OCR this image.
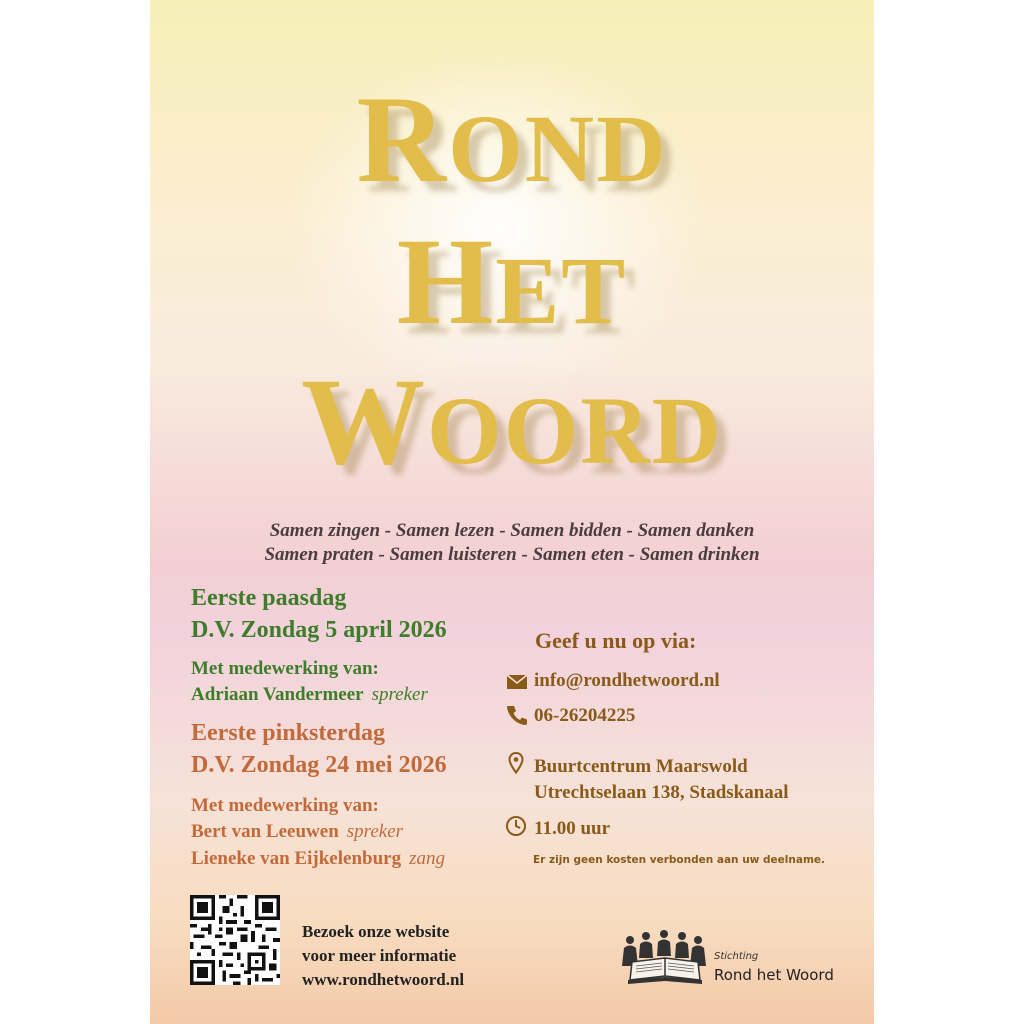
ROND
HET
WOORD
Samen zingen - Samen lezen - Samen bidden - Samen danken
Samen praten - Samen luisteren - Samen eten - Samen drinken
Eerste paasdag
D.V. Zondag 5 april 2026
Met medewerking van:
Adriaan Vandermeer spreker
Eerste pinksterdag
D.V. Zondag 24 mei 2026
Met medewerking van:
Bert van Leeuwen spreker
Lieneke van Eijkelenburg zang
Geef u nu op via:
info@rondhetwoord.nl
06-26204225
Buurtcentrum Maarswold
Utrechtselaan 138, Stadskanaal
11.00 uur
Er zijn geen kosten verbonden aan uw deelname.
Bezoek onze website
voor meer informatie
www.rondhetwoord.nl
Stichting
Rond het Woord
